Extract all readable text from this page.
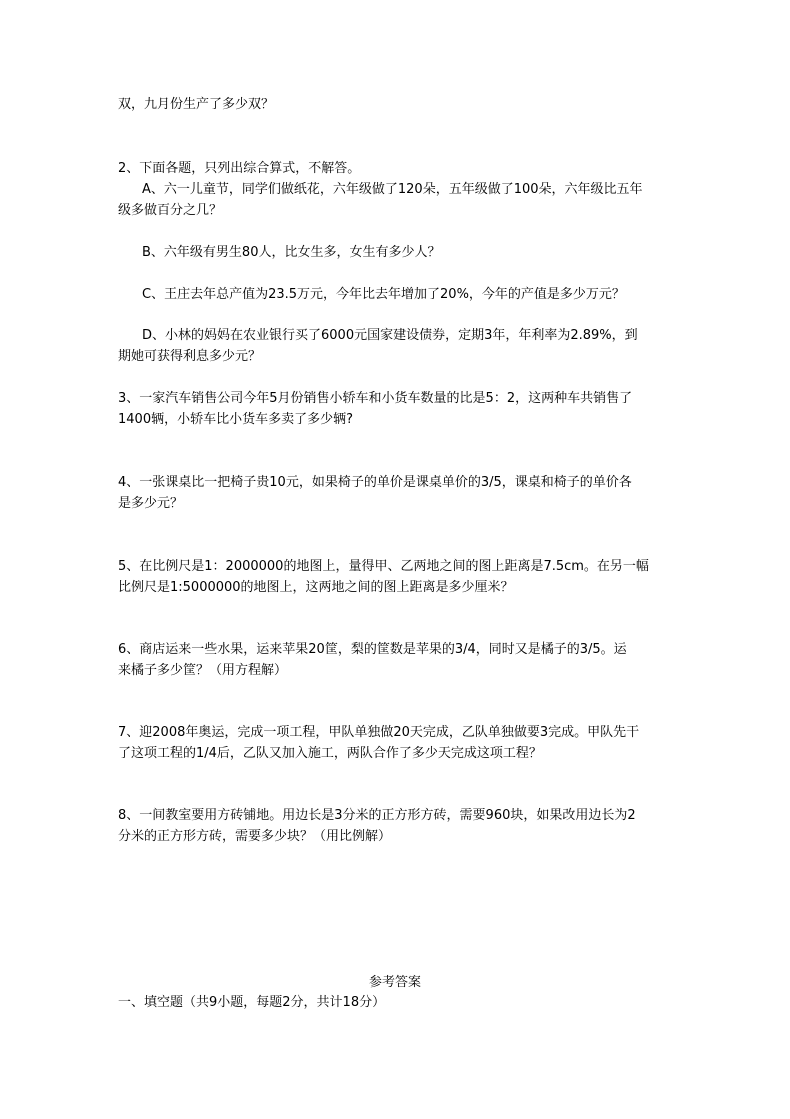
双，九月份生产了多少双？
2、下面各题，只列出综合算式，不解答。
A、六一儿童节，同学们做纸花，六年级做了120朵，五年级做了100朵，六年级比五年
级多做百分之几？
B、六年级有男生80人，比女生多，女生有多少人？
C、王庄去年总产值为23.5万元，今年比去年增加了20%，今年的产值是多少万元？
D、小林的妈妈在农业银行买了6000元国家建设债券，定期3年，年利率为2.89%，到
期她可获得利息多少元？
3、一家汽车销售公司今年5月份销售小轿车和小货车数量的比是5：2，这两种车共销售了
1400辆，小轿车比小货车多卖了多少辆?
4、一张课桌比一把椅子贵10元，如果椅子的单价是课桌单价的3/5，课桌和椅子的单价各
是多少元？
5、在比例尺是1：2000000的地图上，量得甲、乙两地之间的图上距离是7.5cm。在另一幅
比例尺是1:5000000的地图上，这两地之间的图上距离是多少厘米？
6、商店运来一些水果，运来苹果20筐，梨的筐数是苹果的3/4，同时又是橘子的3/5。运
来橘子多少筐？（用方程解）
7、迎2008年奥运，完成一项工程，甲队单独做20天完成，乙队单独做要3完成。甲队先干
了这项工程的1/4后，乙队又加入施工，两队合作了多少天完成这项工程？
8、一间教室要用方砖铺地。用边长是3分米的正方形方砖，需要960块，如果改用边长为2
分米的正方形方砖，需要多少块？（用比例解）
参考答案
一、填空题（共9小题，每题2分，共计18分）
